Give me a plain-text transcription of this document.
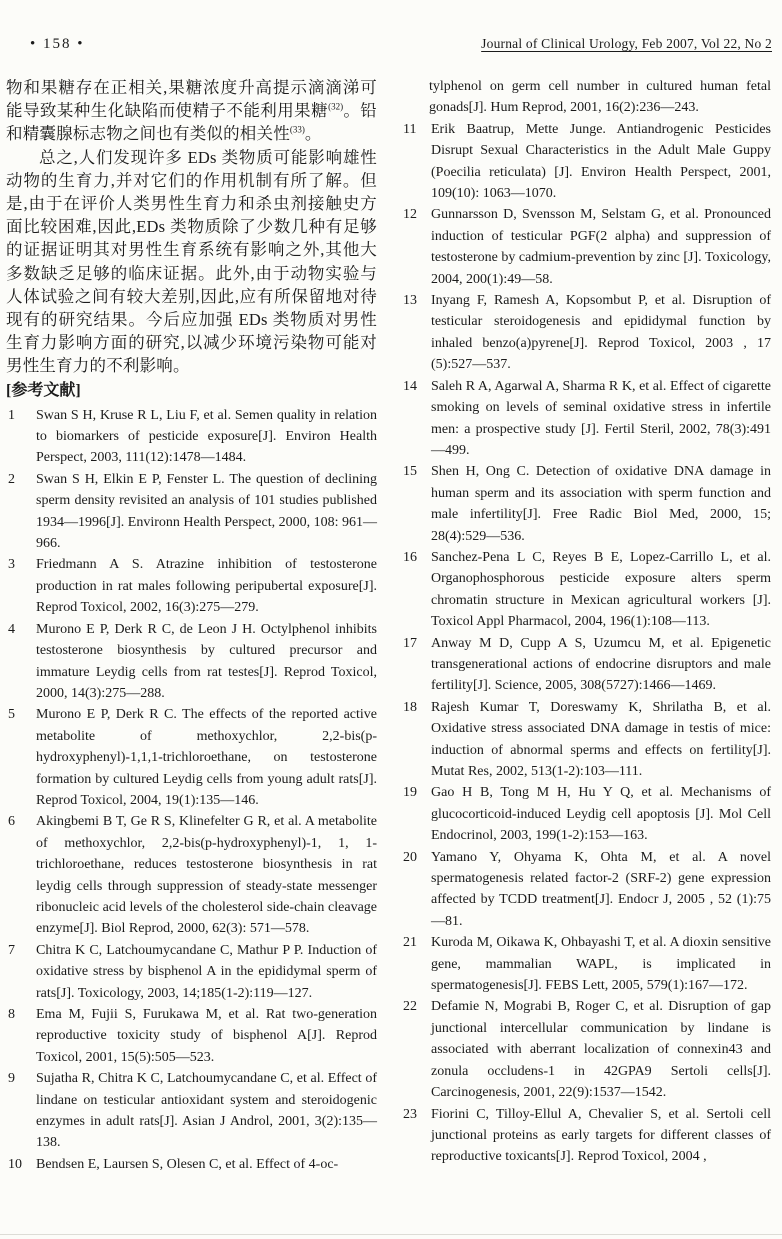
• 158 •	Journal of Clinical Urology, Feb 2007, Vol 22, No 2

物和果糖存在正相关,果糖浓度升高提示滴滴涕可能导致某种生化缺陷而使精子不能利用果糖$^{(32)}$。铅和精囊腺标志物之间也有类似的相关性$^{(33)}$。

总之,人们发现许多 EDs 类物质可能影响雄性动物的生育力,并对它们的作用机制有所了解。但是,由于在评价人类男性生育力和杀虫剂接触史方面比较困难,因此,EDs 类物质除了少数几种有足够的证据证明其对男性生育系统有影响之外,其他大多数缺乏足够的临床证据。此外,由于动物实验与人体试验之间有较大差别,因此,应有所保留地对待现有的研究结果。今后应加强 EDs 类物质对男性生育力影响方面的研究,以减少环境污染物可能对男性生育力的不利影响。

[参考文献]
1 Swan S H, Kruse R L, Liu F, et al. Semen quality in relation to biomarkers of pesticide exposure[J]. Environ Health Perspect, 2003, 111(12):1478—1484.
2 Swan S H, Elkin E P, Fenster L. The question of declining sperm density revisited an analysis of 101 studies published 1934—1996[J]. Environn Health Perspect, 2000, 108: 961—966.
3 Friedmann A S. Atrazine inhibition of testosterone production in rat males following peripubertal exposure[J]. Reprod Toxicol, 2002, 16(3):275—279.
4 Murono E P, Derk R C, de Leon J H. Octylphenol inhibits testosterone biosynthesis by cultured precursor and immature Leydig cells from rat testes[J]. Reprod Toxicol, 2000, 14(3):275—288.
5 Murono E P, Derk R C. The effects of the reported active metabolite of methoxychlor, 2,2-bis(p-hydroxyphenyl)-1,1,1-trichloroethane, on testosterone formation by cultured Leydig cells from young adult rats[J]. Reprod Toxicol, 2004, 19(1):135—146.
6 Akingbemi B T, Ge R S, Klinefelter G R, et al. A metabolite of methoxychlor, 2,2-bis(p-hydroxyphenyl)-1, 1, 1-trichloroethane, reduces testosterone biosynthesis in rat leydig cells through suppression of steady-state messenger ribonucleic acid levels of the cholesterol side-chain cleavage enzyme[J]. Biol Reprod, 2000, 62(3): 571—578.
7 Chitra K C, Latchoumycandane C, Mathur P P. Induction of oxidative stress by bisphenol A in the epididymal sperm of rats[J]. Toxicology, 2003, 14;185(1-2):119—127.
8 Ema M, Fujii S, Furukawa M, et al. Rat two-generation reproductive toxicity study of bisphenol A[J]. Reprod Toxicol, 2001, 15(5):505—523.
9 Sujatha R, Chitra K C, Latchoumycandane C, et al. Effect of lindane on testicular antioxidant system and steroidogenic enzymes in adult rats[J]. Asian J Androl, 2001, 3(2):135—138.
10 Bendsen E, Laursen S, Olesen C, et al. Effect of 4-oc-
tylphenol on germ cell number in cultured human fetal gonads[J]. Hum Reprod, 2001, 16(2):236—243.
11 Erik Baatrup, Mette Junge. Antiandrogenic Pesticides Disrupt Sexual Characteristics in the Adult Male Guppy (Poecilia reticulata) [J]. Environ Health Perspect, 2001, 109(10): 1063—1070.
12 Gunnarsson D, Svensson M, Selstam G, et al. Pronounced induction of testicular PGF(2 alpha) and suppression of testosterone by cadmium-prevention by zinc [J]. Toxicology, 2004, 200(1):49—58.
13 Inyang F, Ramesh A, Kopsombut P, et al. Disruption of testicular steroidogenesis and epididymal function by inhaled benzo(a)pyrene[J]. Reprod Toxicol, 2003 , 17 (5):527—537.
14 Saleh R A, Agarwal A, Sharma R K, et al. Effect of cigarette smoking on levels of seminal oxidative stress in infertile men: a prospective study [J]. Fertil Steril, 2002, 78(3):491—499.
15 Shen H, Ong C. Detection of oxidative DNA damage in human sperm and its association with sperm function and male infertility[J]. Free Radic Biol Med, 2000, 15; 28(4):529—536.
16 Sanchez-Pena L C, Reyes B E, Lopez-Carrillo L, et al. Organophosphorous pesticide exposure alters sperm chromatin structure in Mexican agricultural workers [J]. Toxicol Appl Pharmacol, 2004, 196(1):108—113.
17 Anway M D, Cupp A S, Uzumcu M, et al. Epigenetic transgenerational actions of endocrine disruptors and male fertility[J]. Science, 2005, 308(5727):1466—1469.
18 Rajesh Kumar T, Doreswamy K, Shrilatha B, et al. Oxidative stress associated DNA damage in testis of mice: induction of abnormal sperms and effects on fertility[J]. Mutat Res, 2002, 513(1-2):103—111.
19 Gao H B, Tong M H, Hu Y Q, et al. Mechanisms of glucocorticoid-induced Leydig cell apoptosis [J]. Mol Cell Endocrinol, 2003, 199(1-2):153—163.
20 Yamano Y, Ohyama K, Ohta M, et al. A novel spermatogenesis related factor-2 (SRF-2) gene expression affected by TCDD treatment[J]. Endocr J, 2005 , 52 (1):75—81.
21 Kuroda M, Oikawa K, Ohbayashi T, et al. A dioxin sensitive gene, mammalian WAPL, is implicated in spermatogenesis[J]. FEBS Lett, 2005, 579(1):167—172.
22 Defamie N, Mograbi B, Roger C, et al. Disruption of gap junctional intercellular communication by lindane is associated with aberrant localization of connexin43 and zonula occludens-1 in 42GPA9 Sertoli cells[J]. Carcinogenesis, 2001, 22(9):1537—1542.
23 Fiorini C, Tilloy-Ellul A, Chevalier S, et al. Sertoli cell junctional proteins as early targets for different classes of reproductive toxicants[J]. Reprod Toxicol, 2004 ,
